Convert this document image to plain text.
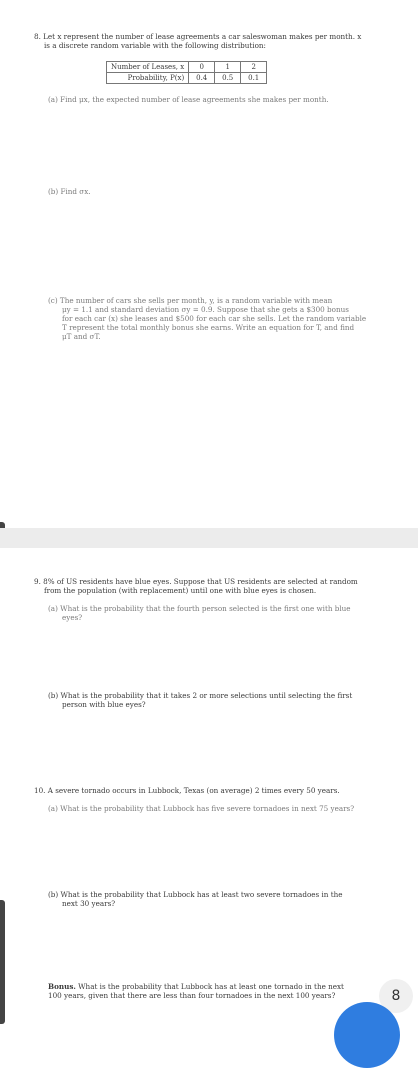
8. Let x represent the number of lease agreements a car saleswoman makes per month. x
is a discrete random variable with the following distribution:
Number of Leases, x	0	1	2
Probability, P(x)	0.4	0.5	0.1
(a) Find μx, the expected number of lease agreements she makes per month.
(b) Find σx.
(c) The number of cars she sells per month, y, is a random variable with mean
μy = 1.1 and standard deviation σy = 0.9. Suppose that she gets a $300 bonus
for each car (x) she leases and $500 for each car she sells. Let the random variable
T represent the total monthly bonus she earns. Write an equation for T, and find
μT and σT.
9. 8% of US residents have blue eyes. Suppose that US residents are selected at random
from the population (with replacement) until one with blue eyes is chosen.
(a) What is the probability that the fourth person selected is the first one with blue
eyes?
(b) What is the probability that it takes 2 or more selections until selecting the first
person with blue eyes?
10. A severe tornado occurs in Lubbock, Texas (on average) 2 times every 50 years.
(a) What is the probability that Lubbock has five severe tornadoes in next 75 years?
(b) What is the probability that Lubbock has at least two severe tornadoes in the
next 30 years?
Bonus. What is the probability that Lubbock has at least one tornado in the next
100 years, given that there are less than four tornadoes in the next 100 years?	8
